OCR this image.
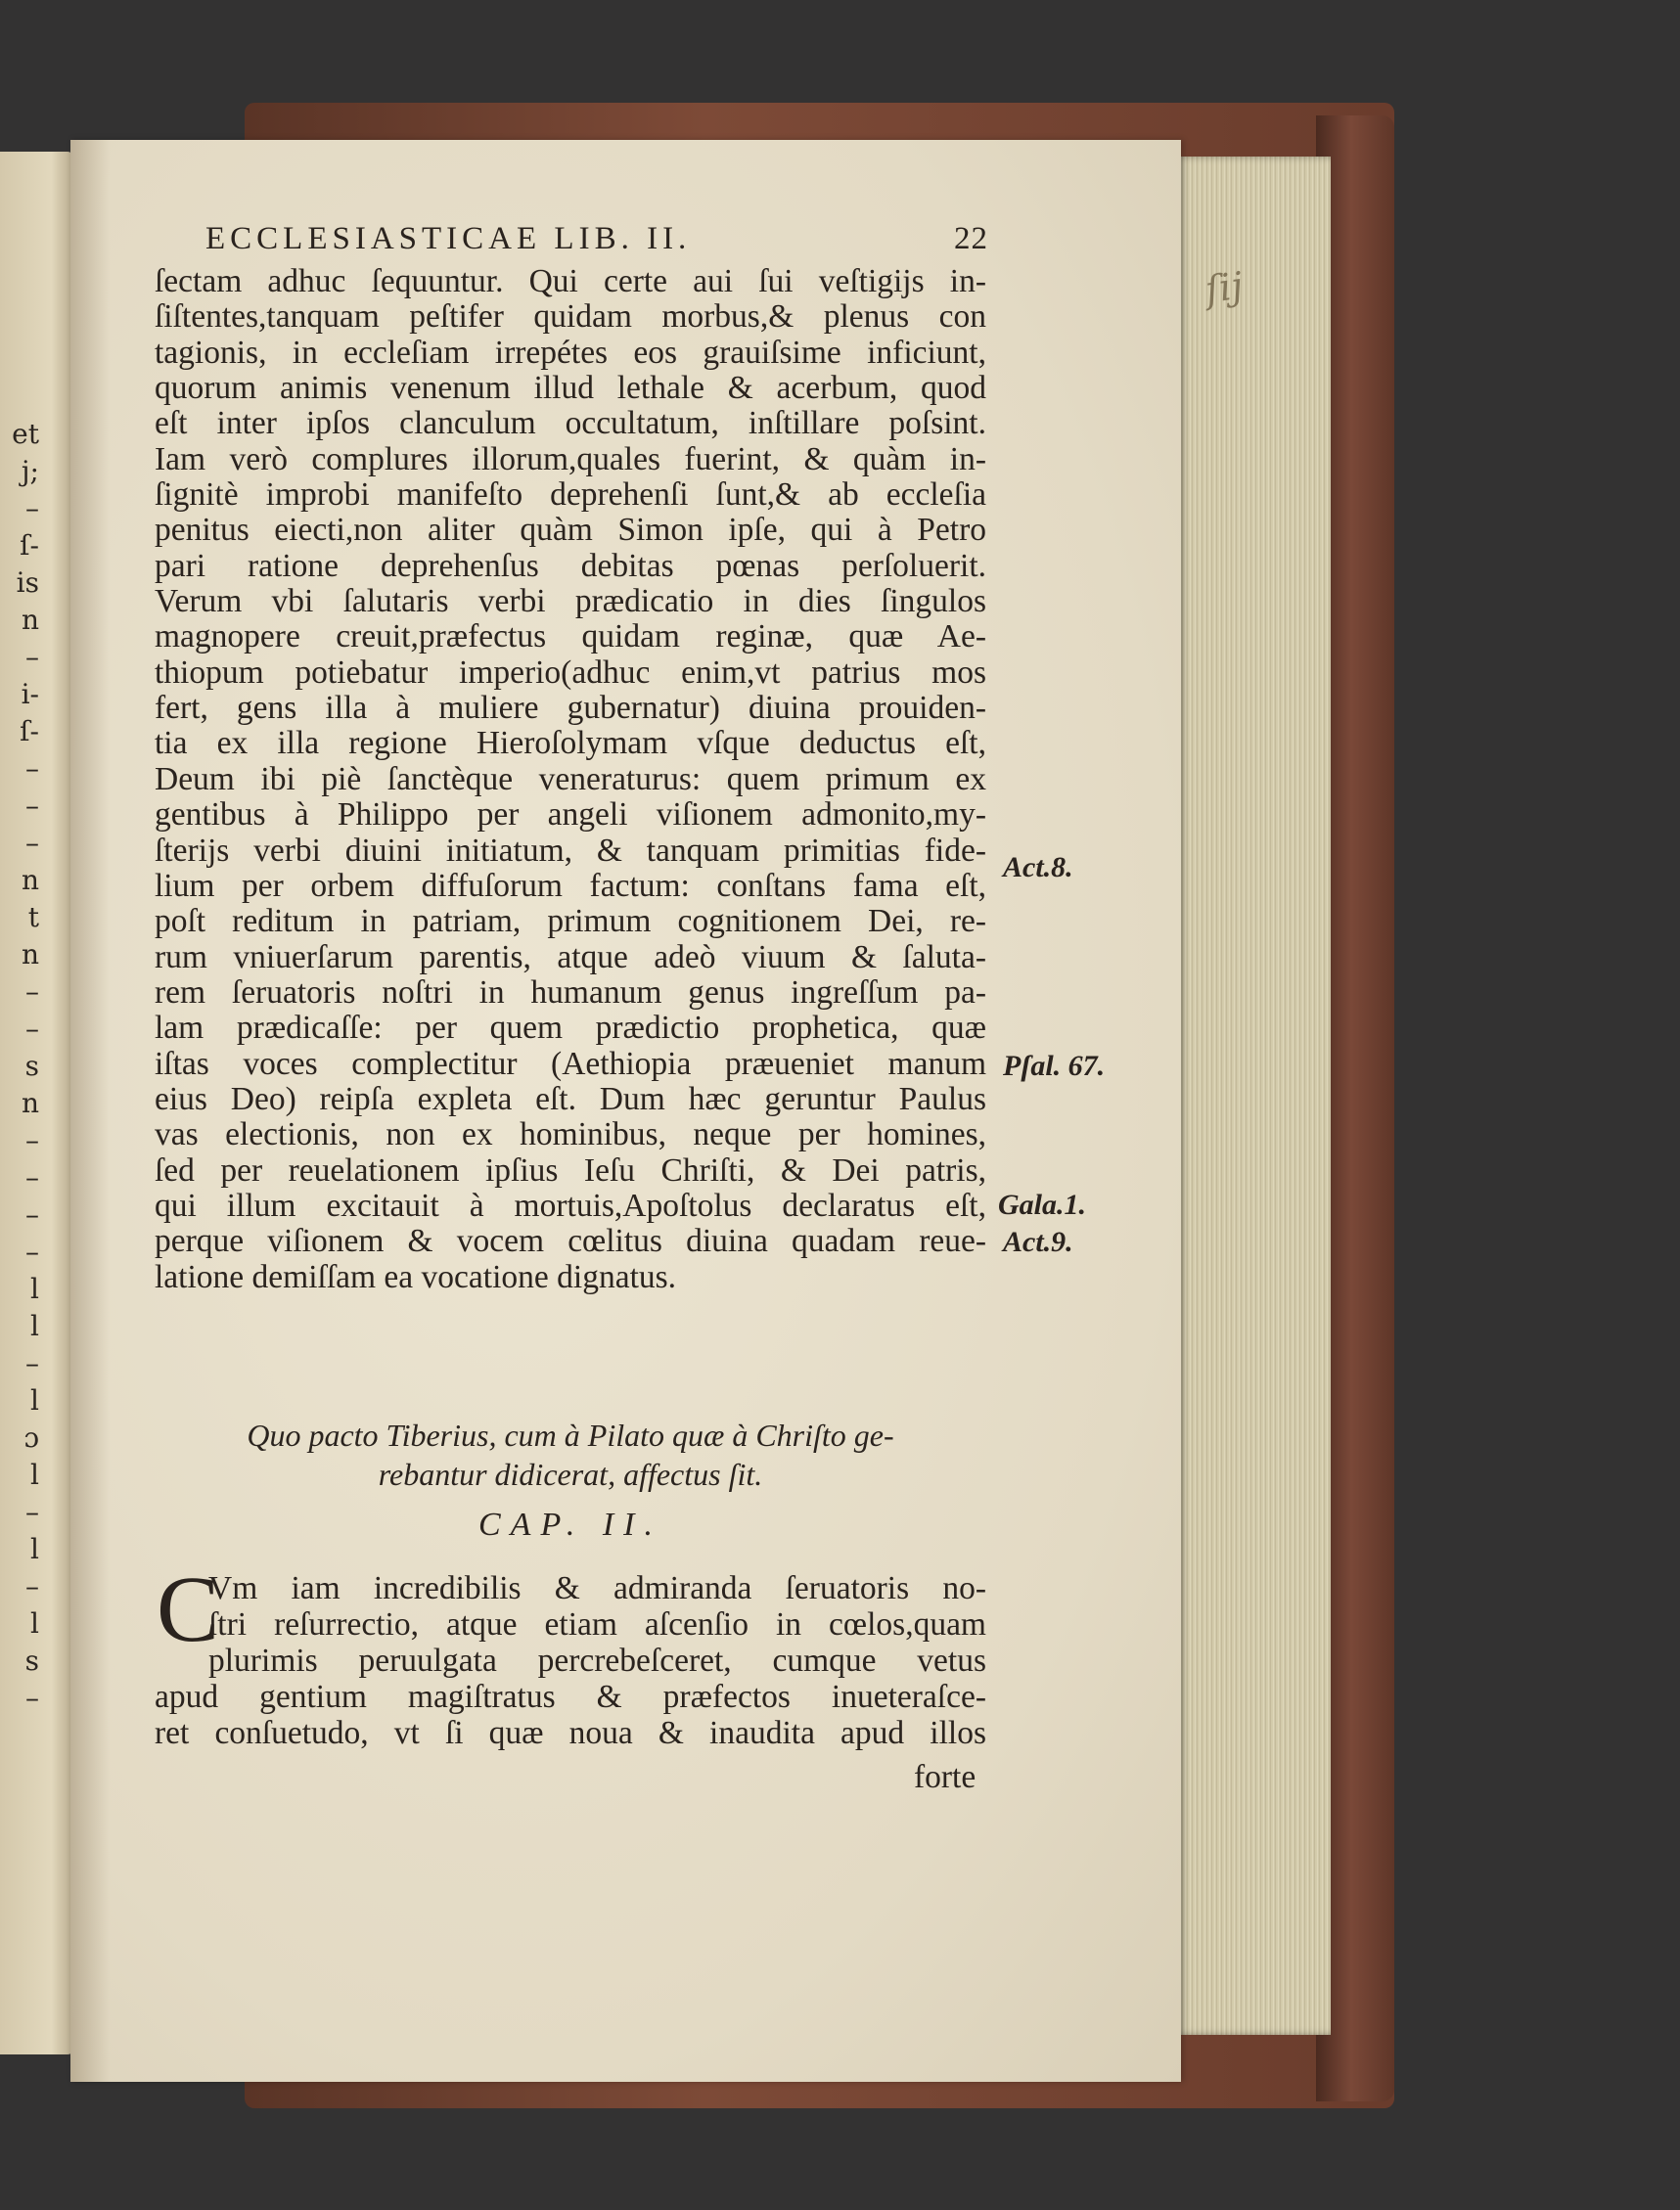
ſij
et
j;
–
ſ-
is
n
–
i-
ſ-
–
–
–
n
t
n
–
–
s
n
–
–
–
–
l
l
–
l
ɔ
l
–
l
–
l
s
–
ECCLESIASTICAE LIB. II.	22
ſectam adhuc ſequuntur. Qui certe aui ſui veſtigijs in-
ſiſtentes,tanquam peſtifer quidam morbus,& plenus con
tagionis, in eccleſiam irrepétes eos grauiſsime inficiunt,
quorum animis venenum illud lethale & acerbum, quod
eſt inter ipſos clanculum occultatum, inſtillare poſsint.
Iam verò complures illorum,quales fuerint, & quàm in-
ſignitè improbi manifeſto deprehenſi ſunt,& ab eccleſia
penitus eiecti,non aliter quàm Simon ipſe, qui à Petro
pari ratione deprehenſus debitas pœnas perſoluerit.
Verum vbi ſalutaris verbi prædicatio in dies ſingulos
magnopere creuit,præfectus quidam reginæ, quæ Ae-
thiopum potiebatur imperio(adhuc enim,vt patrius mos
fert, gens illa à muliere gubernatur) diuina prouiden-
tia ex illa regione Hieroſolymam vſque deductus eſt,
Deum ibi piè ſanctèque veneraturus: quem primum ex
gentibus à Philippo per angeli viſionem admonito,my-
ſterijs verbi diuini initiatum, & tanquam primitias fide-
lium per orbem diffuſorum factum: conſtans fama eſt,
poſt reditum in patriam, primum cognitionem Dei, re-
rum vniuerſarum parentis, atque adeò viuum & ſaluta-
rem ſeruatoris noſtri in humanum genus ingreſſum pa-
lam prædicaſſe: per quem prædictio prophetica, quæ
iſtas voces complectitur (Aethiopia præueniet manum
eius Deo) reipſa expleta eſt. Dum hæc geruntur Paulus
vas electionis, non ex hominibus, neque per homines,
ſed per reuelationem ipſius Ieſu Chriſti, & Dei patris,
qui illum excitauit à mortuis,Apoſtolus declaratus eſt,
perque viſionem & vocem cœlitus diuina quadam reue-
latione demiſſam ea vocatione dignatus.
Act.8.
Pſal. 67.
Gala.1.
Act.9.
Quo pacto Tiberius, cum à Pilato quæ à Chriſto ge-
rebantur didicerat, affectus ſit.
CAP. II.
C
Vm iam incredibilis & admiranda ſeruatoris no-
ſtri reſurrectio, atque etiam aſcenſio in cœlos,quam
plurimis peruulgata percrebeſceret, cumque vetus
apud gentium magiſtratus & præfectos inueteraſce-
ret conſuetudo, vt ſi quæ noua & inaudita apud illos
forte
